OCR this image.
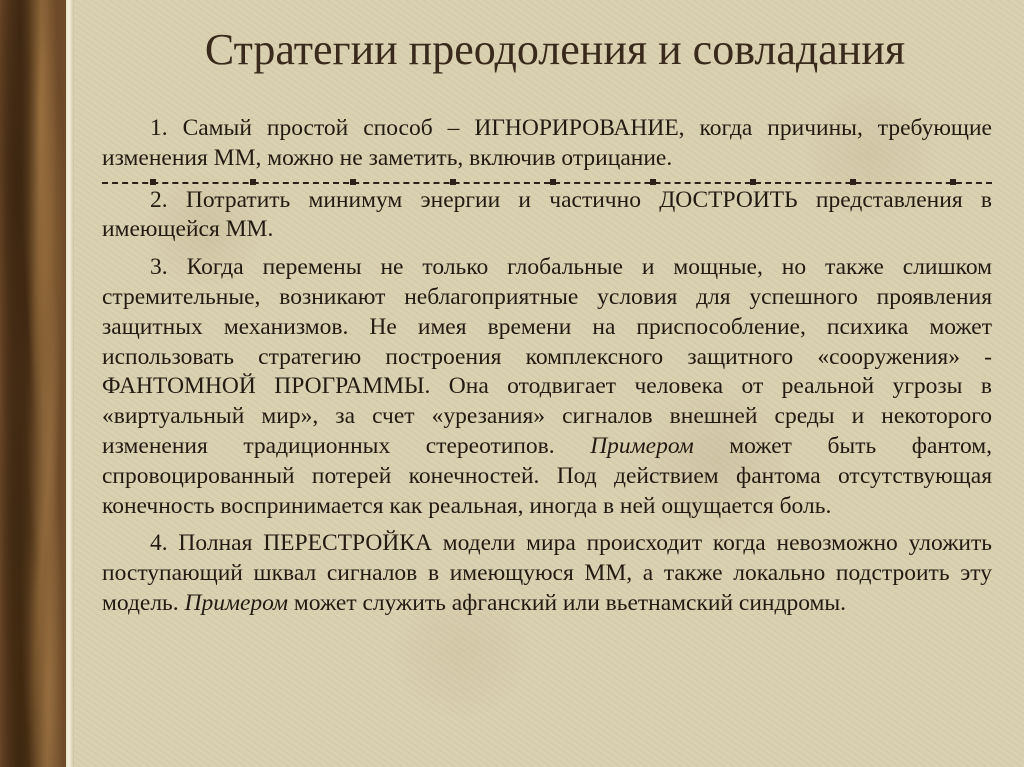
Стратегии преодоления и совладания

1. Самый простой способ – ИГНОРИРОВАНИЕ, когда причины, требующие изменения ММ, можно не заметить, включив отрицание.

2. Потратить минимум энергии и частично ДОСТРОИТЬ представления в имеющейся ММ.

3. Когда перемены не только глобальные и мощные, но также слишком стремительные, возникают неблагоприятные условия для успешного проявления защитных механизмов. Не имея времени на приспособление, психика может использовать стратегию построения комплексного защитного «сооружения» - ФАНТОМНОЙ ПРОГРАММЫ. Она отодвигает человека от реальной угрозы в «виртуальный мир», за счет «урезания» сигналов внешней среды и некоторого изменения традиционных стереотипов. Примером может быть фантом, спровоцированный потерей конечностей. Под действием фантома отсутствующая конечность воспринимается как реальная, иногда в ней ощущается боль.

4. Полная ПЕРЕСТРОЙКА модели мира происходит когда невозможно уложить поступающий шквал сигналов в имеющуюся ММ, а также локально подстроить эту модель. Примером может служить афганский или вьетнамский синдромы.
